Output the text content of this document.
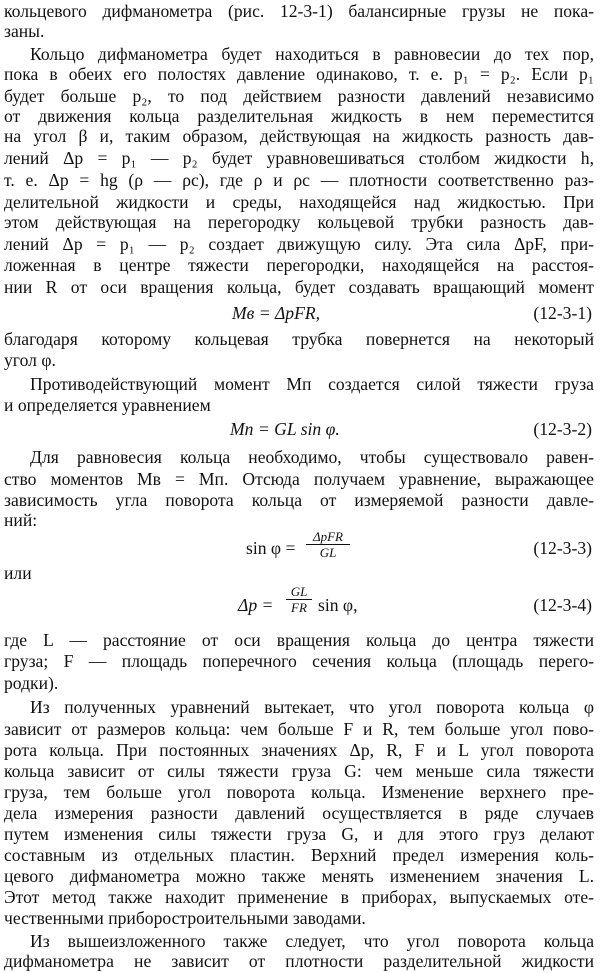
кольцевого дифманометра (рис. 12-3-1) балансирные грузы не пока-
заны.
Кольцо дифманометра будет находиться в равновесии до тех пор,
пока в обеих его полостях давление одинаково, т. е. p₁ = p₂. Если p₁
будет больше p₂, то под действием разности давлений независимо
от движения кольца разделительная жидкость в нем переместится
на угол β и, таким образом, действующая на жидкость разность дав-
лений Δp = p₁ — p₂ будет уравновешиваться столбом жидкости h,
т. е. Δp = hg (ρ — ρс), где ρ и ρс — плотности соответственно раз-
делительной жидкости и среды, находящейся над жидкостью. При
этом действующая на перегородку кольцевой трубки разность дав-
лений Δp = p₁ — p₂ создает движущую силу. Эта сила ΔpF, при-
ложенная в центре тяжести перегородки, находящейся на расстоя-
нии R от оси вращения кольца, будет создавать вращающий момент
Mв = ΔpFR,	(12-3-1)
благодаря которому кольцевая трубка повернется на некоторый
угол φ.
Противодействующий момент Mп создается силой тяжести груза
и определяется уравнением
Mп = GL sin φ.	(12-3-2)
Для равновесия кольца необходимо, чтобы существовало равен-
ство моментов Mв = Mп. Отсюда получаем уравнение, выражающее
зависимость угла поворота кольца от измеряемой разности давле-
ний:
sin φ =
ΔpFR
GL	(12-3-3)
или
Δp =
GL
FR sin φ,	(12-3-4)
где L — расстояние от оси вращения кольца до центра тяжести
груза; F — площадь поперечного сечения кольца (площадь перего-
родки).
Из полученных уравнений вытекает, что угол поворота кольца φ
зависит от размеров кольца: чем больше F и R, тем больше угол пово-
рота кольца. При постоянных значениях Δp, R, F и L угол поворота
кольца зависит от силы тяжести груза G: чем меньше сила тяжести
груза, тем больше угол поворота кольца. Изменение верхнего пре-
дела измерения разности давлений осуществляется в ряде случаев
путем изменения силы тяжести груза G, и для этого груз делают
составным из отдельных пластин. Верхний предел измерения коль-
цевого дифманометра можно также менять изменением значения L.
Этот метод также находит применение в приборах, выпускаемых оте-
чественными приборостроительными заводами.
Из вышеизложенного также следует, что угол поворота кольца
дифманометра не зависит от плотности разделительной жидкости
